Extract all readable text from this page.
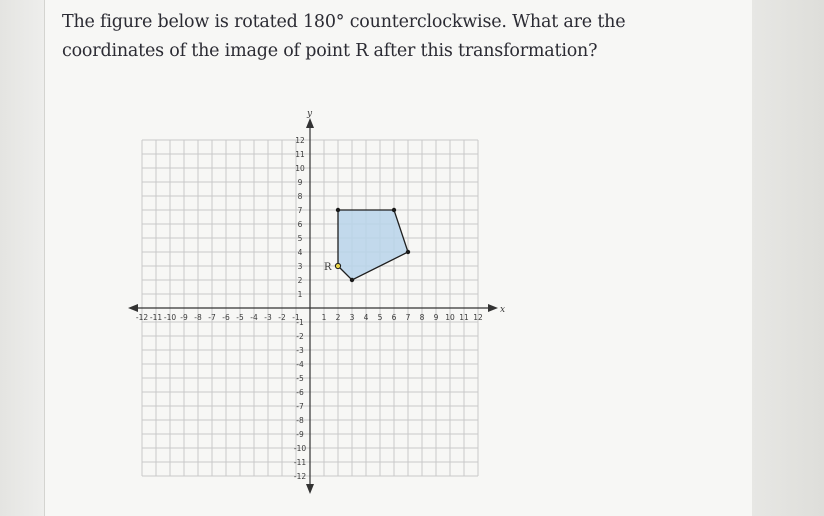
The figure below is rotated 180° counterclockwise. What are the coordinates of the image of point R after this transformation?
x
y
-12 -11 -10 -9 -8 -7 -6 -5 -4 -3 -2 -1	1 2 3 4 5 6 7 8 9 10 11 12
12
11
10
9
8
7
6
5
4
3
2
1
-1
-2
-3
-4
-5
-6
-7
-8
-9
-10
-11
-12
R
